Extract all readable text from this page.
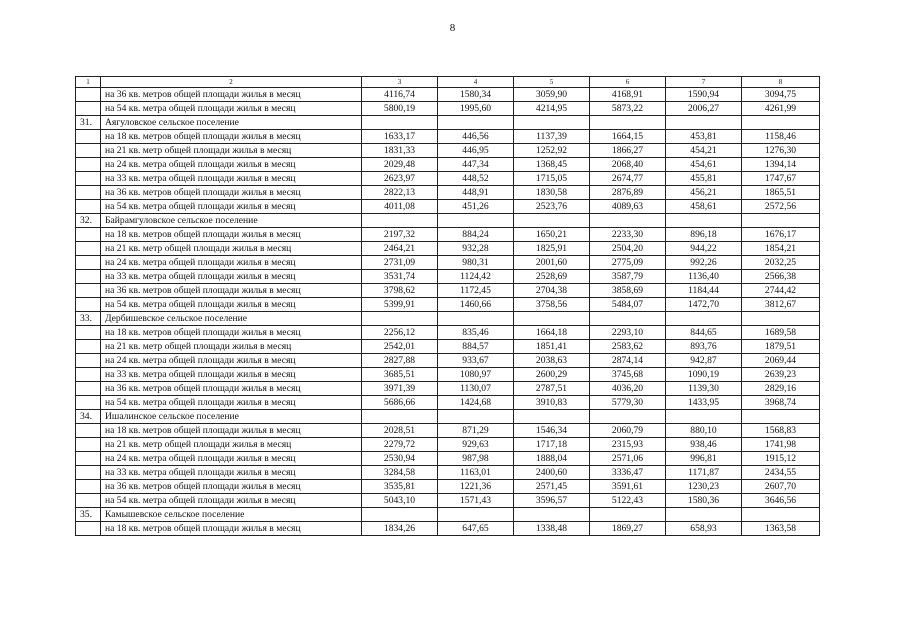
8
1	2	3	4	5	6	7	8
	на 36 кв. метров общей площади жилья в месяц	4116,74	1580,34	3059,90	4168,91	1590,94	3094,75
	на 54 кв. метра общей площади жилья в месяц	5800,19	1995,60	4214,95	5873,22	2006,27	4261,99
31.	Аягуловское сельское поселение						
	на 18 кв. метров общей площади жилья в месяц	1633,17	446,56	1137,39	1664,15	453,81	1158,46
	на 21 кв. метр общей площади жилья в месяц	1831,33	446,95	1252,92	1866,27	454,21	1276,30
	на 24 кв. метра общей площади жилья в месяц	2029,48	447,34	1368,45	2068,40	454,61	1394,14
	на 33 кв. метра общей площади жилья в месяц	2623,97	448,52	1715,05	2674,77	455,81	1747,67
	на 36 кв. метров общей площади жилья в месяц	2822,13	448,91	1830,58	2876,89	456,21	1865,51
	на 54 кв. метра общей площади жилья в месяц	4011,08	451,26	2523,76	4089,63	458,61	2572,56
32.	Байрамгуловское сельское поселение						
	на 18 кв. метров общей площади жилья в месяц	2197,32	884,24	1650,21	2233,30	896,18	1676,17
	на 21 кв. метр общей площади жилья в месяц	2464,21	932,28	1825,91	2504,20	944,22	1854,21
	на 24 кв. метра общей площади жилья в месяц	2731,09	980,31	2001,60	2775,09	992,26	2032,25
	на 33 кв. метра общей площади жилья в месяц	3531,74	1124,42	2528,69	3587,79	1136,40	2566,38
	на 36 кв. метров общей площади жилья в месяц	3798,62	1172,45	2704,38	3858,69	1184,44	2744,42
	на 54 кв. метра общей площади жилья в месяц	5399,91	1460,66	3758,56	5484,07	1472,70	3812,67
33.	Дербишевское сельское поселение						
	на 18 кв. метров общей площади жилья в месяц	2256,12	835,46	1664,18	2293,10	844,65	1689,58
	на 21 кв. метр общей площади жилья в месяц	2542,01	884,57	1851,41	2583,62	893,76	1879,51
	на 24 кв. метра общей площади жилья в месяц	2827,88	933,67	2038,63	2874,14	942,87	2069,44
	на 33 кв. метра общей площади жилья в месяц	3685,51	1080,97	2600,29	3745,68	1090,19	2639,23
	на 36 кв. метров общей площади жилья в месяц	3971,39	1130,07	2787,51	4036,20	1139,30	2829,16
	на 54 кв. метра общей площади жилья в месяц	5686,66	1424,68	3910,83	5779,30	1433,95	3968,74
34.	Ишалинское сельское поселение						
	на 18 кв. метров общей площади жилья в месяц	2028,51	871,29	1546,34	2060,79	880,10	1568,83
	на 21 кв. метр общей площади жилья в месяц	2279,72	929,63	1717,18	2315,93	938,46	1741,98
	на 24 кв. метра общей площади жилья в месяц	2530,94	987,98	1888,04	2571,06	996,81	1915,12
	на 33 кв. метра общей площади жилья в месяц	3284,58	1163,01	2400,60	3336,47	1171,87	2434,55
	на 36 кв. метров общей площади жилья в месяц	3535,81	1221,36	2571,45	3591,61	1230,23	2607,70
	на 54 кв. метра общей площади жилья в месяц	5043,10	1571,43	3596,57	5122,43	1580,36	3646,56
35.	Камышевское сельское поселение						
	на 18 кв. метров общей площади жилья в месяц	1834,26	647,65	1338,48	1869,27	658,93	1363,58
